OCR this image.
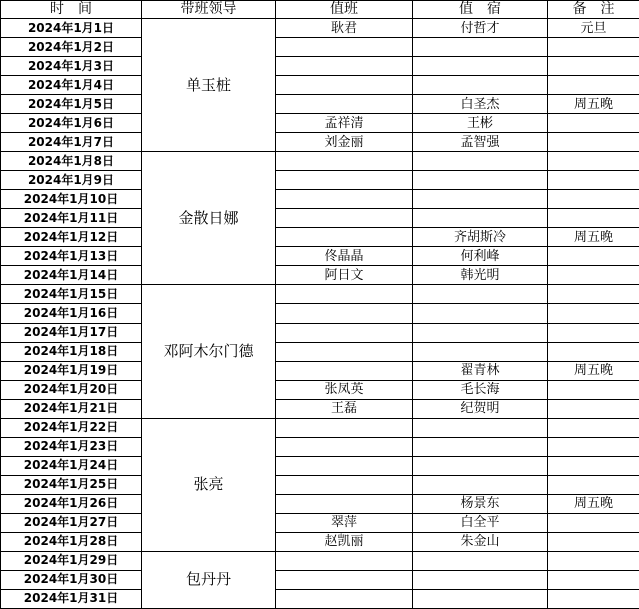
时　间	带班领导	值班	值　宿	备　注
2024年1月1日	单玉桩	耿君	付哲才	元旦
2024年1月2日				
2024年1月3日				
2024年1月4日				
2024年1月5日			白圣杰	周五晚
2024年1月6日		孟祥清	王彬	
2024年1月7日		刘金丽	孟智强	
2024年1月8日	金散日娜			
2024年1月9日				
2024年1月10日				
2024年1月11日				
2024年1月12日			齐胡斯冷	周五晚
2024年1月13日		佟晶晶	何利峰	
2024年1月14日		阿日文	韩光明	
2024年1月15日	邓阿木尔门德			
2024年1月16日				
2024年1月17日				
2024年1月18日				
2024年1月19日			翟青林	周五晚
2024年1月20日		张凤英	毛长海	
2024年1月21日		王磊	纪贺明	
2024年1月22日	张亮			
2024年1月23日				
2024年1月24日				
2024年1月25日				
2024年1月26日			杨景东	周五晚
2024年1月27日		翠萍	白全平	
2024年1月28日		赵凯丽	朱金山	
2024年1月29日	包丹丹			
2024年1月30日				
2024年1月31日				
